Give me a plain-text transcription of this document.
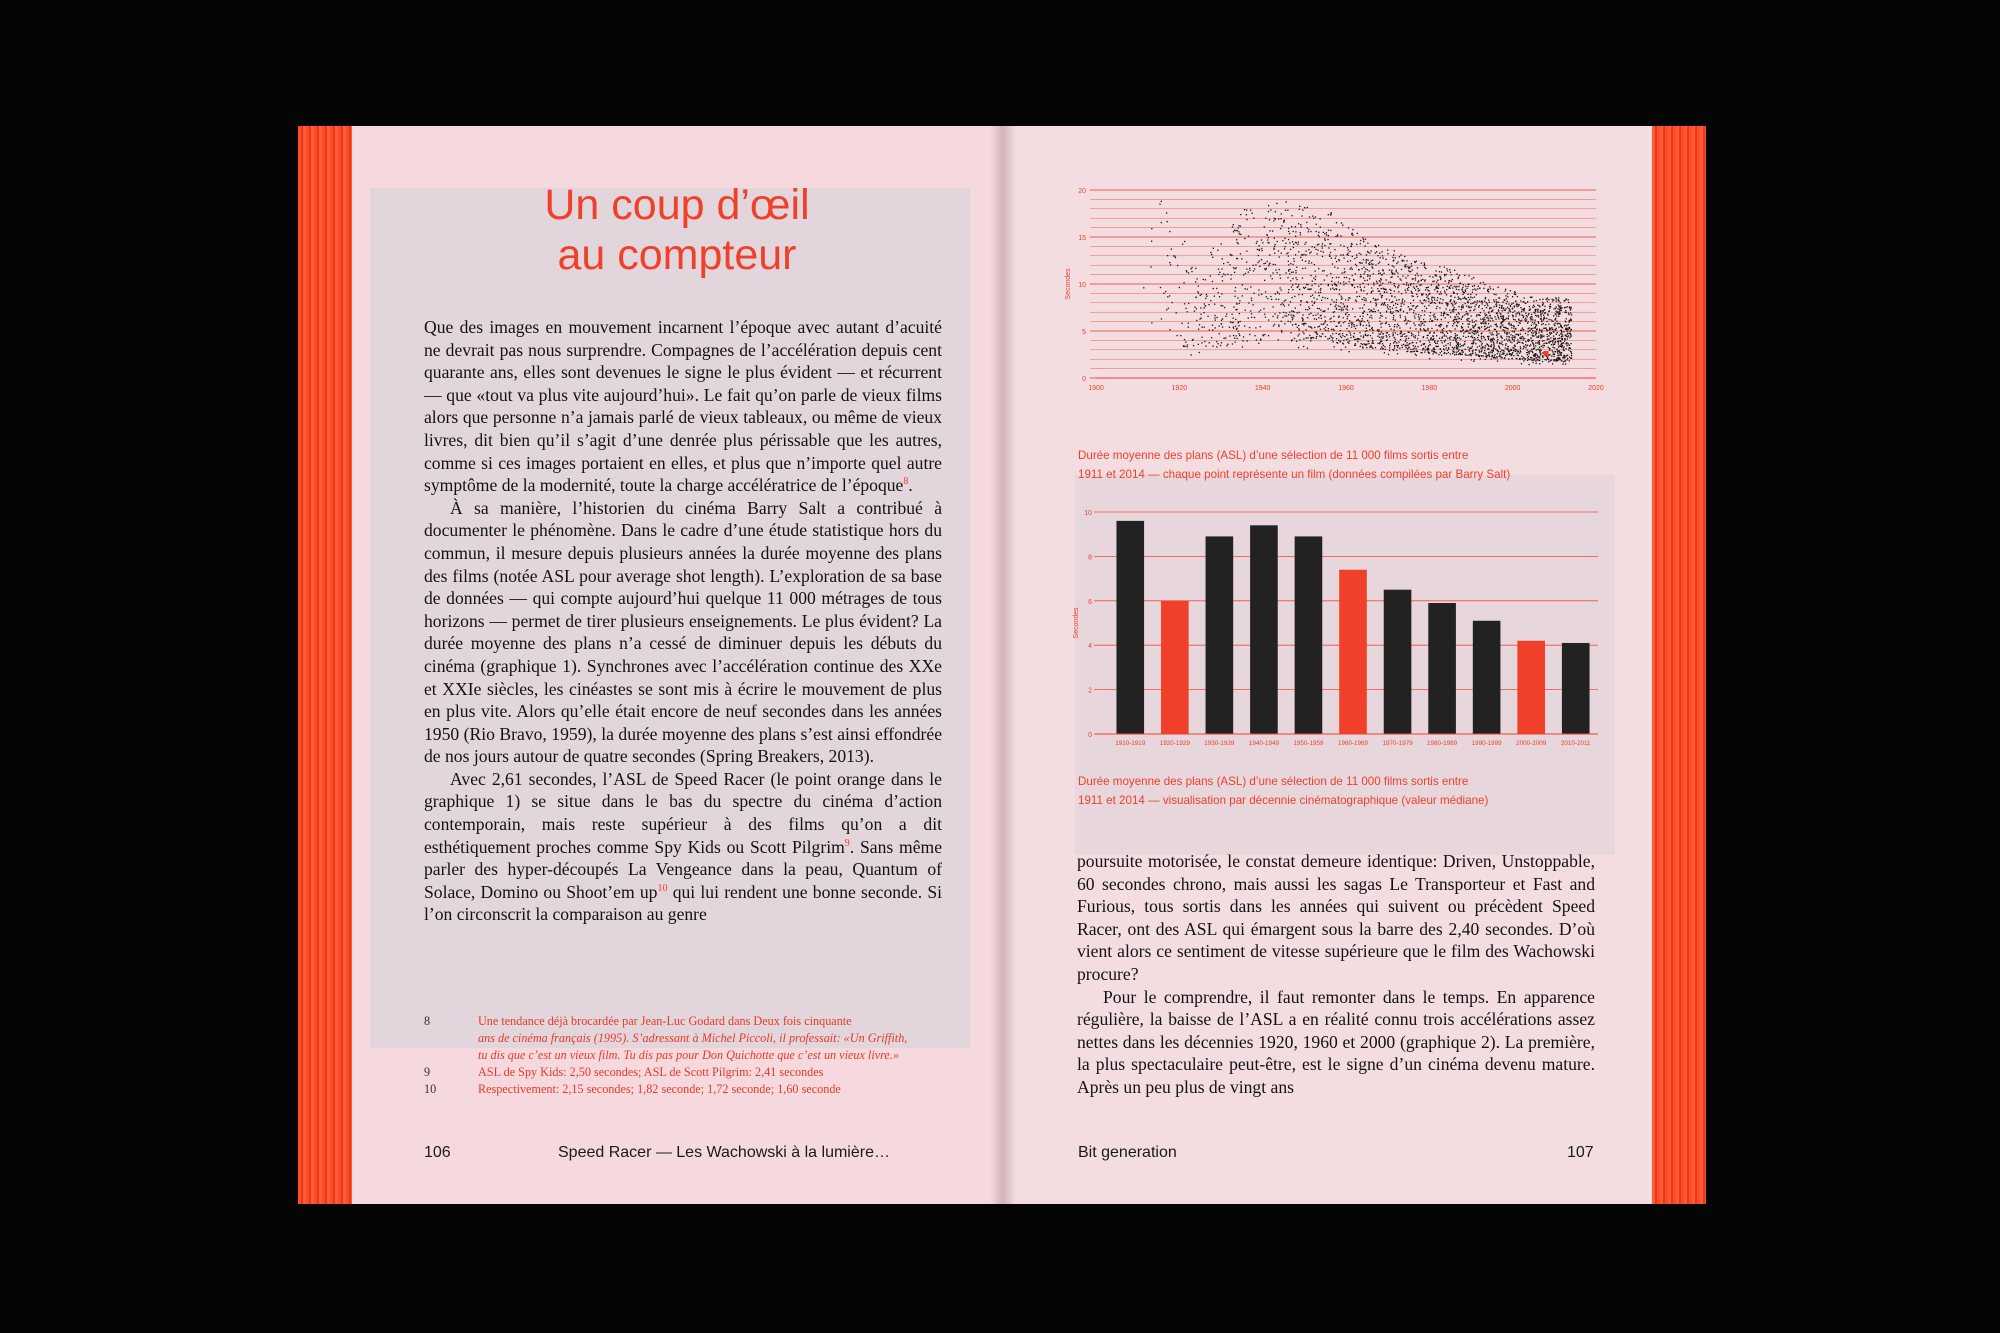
Un coup d’œil
au compteur

Que des images en mouvement incarnent l’époque avec autant d’acuité ne devrait pas nous surprendre. Compagnes de l’accélération depuis cent quarante ans, elles sont devenues le signe le plus évident — et récurrent — que «tout va plus vite aujourd’hui». Le fait qu’on parle de vieux films alors que personne n’a jamais parlé de vieux tableaux, ou même de vieux livres, dit bien qu’il s’agit d’une denrée plus périssable que les autres, comme si ces images portaient en elles, et plus que n’importe quel autre symptôme de la modernité, toute la charge accélératrice de l’époque$^8$.

À sa manière, l’historien du cinéma Barry Salt a contribué à documenter le phénomène. Dans le cadre d’une étude statistique hors du commun, il mesure depuis plusieurs années la durée moyenne des plans des films (notée ASL pour average shot length). L’exploration de sa base de données — qui compte aujourd’hui quelque 11 000 métrages de tous horizons — permet de tirer plusieurs enseignements. Le plus évident? La durée moyenne des plans n’a cessé de diminuer depuis les débuts du cinéma (graphique 1). Synchrones avec l’accélération continue des XXe et XXIe siècles, les cinéastes se sont mis à écrire le mouvement de plus en plus vite. Alors qu’elle était encore de neuf secondes dans les années 1950 (Rio Bravo, 1959), la durée moyenne des plans s’est ainsi effondrée de nos jours autour de quatre secondes (Spring Breakers, 2013).

Avec 2,61 secondes, l’ASL de Speed Racer (le point orange dans le graphique 1) se situe dans le bas du spectre du cinéma d’action contemporain, mais reste supérieur à des films qu’on a dit esthétiquement proches comme Spy Kids ou Scott Pilgrim$^9$. Sans même parler des hyper-découpés La Vengeance dans la peau, Quantum of Solace, Domino ou Shoot’em $up^{10}$ qui lui rendent une bonne seconde. Si l’on circonscrit la comparaison au genre

8	Une tendance déjà brocardée par Jean-Luc Godard dans Deux fois cinquante
ans de cinéma français (1995). S’adressant à Michel Piccoli, il professait: «Un Griffith,
tu dis que c’est un vieux film. Tu dis pas pour Don Quichotte que c’est un vieux livre.»
9	ASL de Spy Kids: 2,50 secondes; ASL de Scott Pilgrim: 2,41 secondes
10	Respectivement: 2,15 secondes; 1,82 seconde; 1,72 seconde; 1,60 seconde
106	Speed Racer — Les Wachowski à la lumière…	Bit generation	107
0
5
10
15
20
1900	1920	1940	1960	1980	2000	2020
Secondes
Durée moyenne des plans (ASL) d’une sélection de 11 000 films sortis entre
1911 et 2014 — chaque point représente un film (données compilées par Barry Salt)
0
2
4
6
8
10
Secondes
1910-1919 1920-1929 1930-1939 1940-1949 1950-1959 1960-1969 1970-1979 1980-1989 1990-1999 2000-2009 2010-2011
Durée moyenne des plans (ASL) d’une sélection de 11 000 films sortis entre
1911 et 2014 — visualisation par décennie cinématographique (valeur médiane)

poursuite motorisée, le constat demeure identique: Driven, Unstoppable, 60 secondes chrono, mais aussi les sagas Le Transporteur et Fast and Furious, tous sortis dans les années qui suivent ou précèdent Speed Racer, ont des ASL qui émargent sous la barre des 2,40 secondes. D’où vient alors ce sentiment de vitesse supérieure que le film des Wachowski procure?

Pour le comprendre, il faut remonter dans le temps. En apparence régulière, la baisse de l’ASL a en réalité connu trois accélérations assez nettes dans les décennies 1920, 1960 et 2000 (graphique 2). La première, la plus spectaculaire peut-être, est le signe d’un cinéma devenu mature. Après un peu plus de vingt ans
